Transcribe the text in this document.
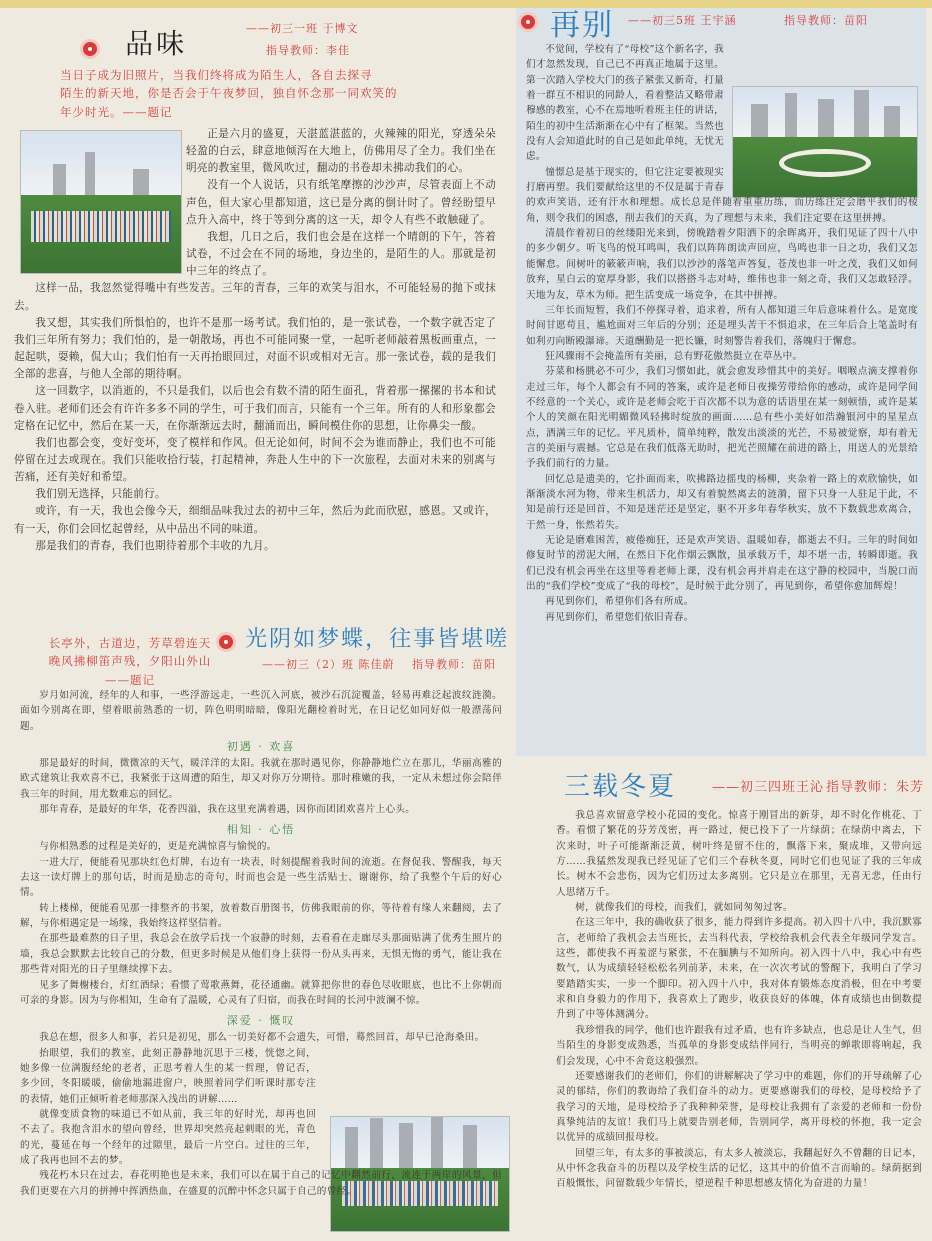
品味	——初三一班 于博文
指导教师：李佳
当日子成为旧照片，当我们终将成为陌生人，各自去探寻
陌生的新天地，你是否会于午夜梦回，独自怀念那一同欢笑的
年少时光。——题记

正是六月的盛夏，天湛蓝湛蓝的，火辣辣的阳光，穿透朵朵轻盈的白云，肆意地倾泻在大地上，仿佛用尽了全力。我们坐在明亮的教室里，微风吹过，翻动的书卷却未拂动我们的心。

没有一个人说话，只有纸笔摩擦的沙沙声，尽管表面上不动声色，但大家心里都知道，这已是分离的倒计时了。曾经盼望早点升入高中，终于等到分离的这一天，却令人有些不敢触碰了。

我想，几日之后，我们也会是在这样一个晴朗的下午，答着试卷，不过会在不同的场地，身边坐的，是陌生的人。那就是初中三年的终点了。

这样一品，我忽然觉得嘴中有些发苦。三年的青春，三年的欢笑与泪水，不可能轻易的抛下或抹去。

我又想，其实我们所惧怕的，也许不是那一场考试。我们怕的，是一张试卷，一个数字就否定了我们三年所有努力；我们怕的，是一朝散场，再也不可能同聚一堂，一起听老师敲着黑板画重点，一起起哄，耍赖，侃大山；我们怕有一天再抬眼回过，对面不识或相对无言。那一张试卷，载的是我们全部的悲喜，与他人全部的期待啊。

这一回数字，以消逝的，不只是我们，以后也会有数不清的陌生面孔，背着那一摞摞的书本和试卷入驻。老师们还会有许许多多不同的学生，可于我们而言，只能有一个三年。所有的人和形象都会定格在记忆中，然后在某一天，在你渐渐远去时，翻涌而出，瞬间模住你的思想，让你鼻尖一酸。

我们也都会变，变好变坏，变了模样和作风。但无论如何，时间不会为谁而静止，我们也不可能停留在过去或现在。我们只能收拾行装，打起精神，奔赴人生中的下一次旅程，去面对未来的别离与苦痛，还有美好和希望。

我们别无选择，只能前行。

或许，有一天，我也会像今天，细细品味我过去的初中三年，然后为此而欣慰，感恩。又或许，有一天，你们会回忆起曾经，从中品出不同的味道。

那是我们的青春，我们也期待着那个丰收的九月。

长亭外，古道边，芳草碧连天
晚风拂柳笛声残，夕阳山外山
——题记
光阴如梦蝶，往事皆堪嗟
——初三（2）班 陈佳蔚 指导教师：苗阳

岁月如河流，经年的人和事，一些浮游远走，一些沉入河底，被沙石沉淀覆盖，轻易再难泛起波纹涟漪。面如今别离在即，望着眼前熟悉的一切，阵色明明暗暗，像阳光翻检着时光，在日记忆如同好似一般漂荡问题。

初遇 · 欢喜

那是最好的时间，微微凉的天气，暖洋洋的太阳。我就在那时遇见你，你静静地伫立在那儿，华丽高雅的欧式建筑让我欢喜不已，我紧张于这周遭的陌生，却又对你万分期待。那时稚嫩的我，一定从未想过你会陪伴我三年的时间，用尤数难忘的回忆。

那年青春，是最好的年华，花香四溢，我在这里充满着遇，因你而团团欢喜片上心头。

相知 · 心悟

与你相熟悉的过程是美好的，更是充满惊喜与愉悦的。

一进大厅，便能看见那块红色灯牌，右边有一块表，时刻提醒着我时间的流逝。在督促我、警醒我，每天去这一读灯牌上的那句话，时而是励志的奇句，时而也会是一些生活贴士、谢谢你，给了我整个午后的好心情。

转上楼梯，便能看见那一排整齐的书架，放着数百册图书，仿佛我眼前的你，等待着有缘人来翻阅，去了解，与你相遇定是一场缘，我始终这样坚信着。

在那些最难熬的日子里，我总会在放学后找一个寂静的时刻，去看看在走廊尽头那面贴满了优秀生照片的墙，我总会默默去比较自己的分数，但更多时候是从他们身上获得一份从头再来，无惧无悔的勇气，能让我在那些背对阳光的日子里继续撑下去。

见多了舞榭楼台，灯红酒绿；看惯了莺歌燕舞，花径通幽。就算把你世的春色尽收眼底，也比不上你朝而可亲的身影。因为与你相知，生命有了温暖，心灵有了归宿，而我在时间的长河中波澜不惊。

深爱 · 慨叹

我总在想，很多人和事，若只是初见，那么一切美好都不会遗失，可惜，蓦然回首，却早已沧海桑田。

抬眼望，我们的教室，此刻正静静地沉思于三楼，恍惚之间，她多像一位满腹经纶的老者，正思考着人生的某一哲理，曾记否，多少回，冬阳暖暖，偷偷地漏进窗户，映照着同学们听课时那专注的表情，她们正倾听着老师那深入浅出的讲解……

就像变质食物的味道已不如从前，我三年的好时光，却再也回不去了。我抱含泪水的望向曾经，世界却突然亮起刺眼的光，青色的光，蔓延在每一个经年的过隙里，最后一片空白。过往的三年，成了我再也回不去的梦。

残花朽木只在过去，春花明艳也是未来，我们可以在属于自己的记忆中翻然前行，流连于两岸的风景，但我们更要在六月的拼搏中挥洒热血，在盛夏的沉醉中怀念只属于自己的曾经。

再别 ——初三5班 王宇涵	指导教师：苗阳

不觉间，学校有了“母校”这个新名字，我们才忽然发现，自己已不再真正地属于这里。第一次踏入学校大门的孩子紧张又新奇，打量着一群互不相识的同龄人，看着整洁又略带肃穆感的教室，心不在焉地听着班主任的讲话，陌生的初中生活渐渐在心中有了框架。当然也没有人会知道此时的自己是如此单纯，无忧无虑。

憧憬总是基于现实的，但它注定要被现实打磨再塑。我们要献给这里的不仅是属于青春的欢声笑语，还有汗水和理想。成长总是伴随着重重历练，而历练注定会磨平我们的棱角，则令我们的困惑，削去我们的天真，为了理想与未来，我们注定要在这里拼搏。

清晨作着初日的丝缕阳光来到，傍晚踏着夕阳洒下的余晖离开，我们见证了四十八中的多少朝夕。听飞鸟的悦耳鸣叫，我们以阵阵朗读声回应，鸟鸣也非一日之功，我们又怎能懈怠。间树叶的簌簌声响，我们以沙沙的落笔声答复，苍茂也非一叶之茂，我们又如何放弃，星白云的宽厚身影，我们以搭搭斗志对峙，维伟也非一刻之奇，我们又怎敢轻浮。天地为友，草木为师。把生活变成一场竞争，在其中拼搏。

三年长而短暂，我们不停探寻着，追求着，所有人都知道三年后意味着什么。是宽度时间甘愿苟且，尴尬面对三年后的分别；还是埋头苦干不惧追求，在三年后合上笔盖时有如利刃向断殿瀑谛。天道酬勤是一把长镰，时刻警告着我们，落魄归于懈怠。

狂风骤雨不会掩盖所有美丽，总有野花傲然挺立在草丛中。

芬菜和杨朓必不可少，我们习惯如此，就会愈发珍惜其中的美好。咽喉点滴支撑着你走过三年，每个人都会有不同的答案，或许是老师日夜操劳带给你的感动，或许是同学间不经意的一个关心，或许是老师会吃于百次都不以为意的话语里在某一刻顿悟，或许是某个人的笑颜在阳光明媚微风轻拂时绽放的画面……总有些小美好如浩瀚银河中的星星点点，洒满三年的记忆。平凡质朴，简单纯粹，散发出淡淡的光芒，不易被觉察，却有着无言的美丽与震撼。它总是在我们低落无助时，把光芒照耀在前进的路上，用送人的光景给予我们前行的力量。

回忆总是遗美的，它扑面而来，吹拂路边摇曳的杨柳，夹杂着一路上的欢欣愉快，如渐渐淡水河为物，带来生机活力，却又有着貌然离去的涟漪，留下只身一人驻足于此，不知是前行还是回首，不知是迷茫还是坚定，驱不开多年春华秋实，放不下数载悲欢离合，于然一身，怅然若失。

无论是磨难困苦，疲倦痴狂，还是欢声笑语、温暖如春，都逝去不归。三年的时间如修复时节的涝泥大闸，在然日下化作烟云飘散，虽承载万千，却不堪一击，转瞬即逝。我们已没有机会再坐在这里等着老师上课，没有机会再并肩走在这宁静的校园中，当脱口而出的“我们学校”变成了“我的母校”，是时候于此分别了，再见到你，希望你愈加辉煌！

再见到你们，希望你们各有所成。

再见到你们，希望您们依旧青春。

三载冬夏	——初三四班王沁 指导教师：朱芳

我总喜欢留意学校小花园的变化。惊喜于刚冒出的新芽，却不时化作桃花、丁香。看惯了繁花的芬芳茂密，再一路过，便已投下了一片绿荫；在绿荫中离去，下次来时，叶子可能渐渐泛黄，树叶终是留不住的，飘落下来，聚成堆，又带向远方……我猛然发现我已经见证了它们三个春秋冬夏，同时它们也见证了我的三年成长。树木不会悲伤，因为它们历过太多离别。它只是立在那里，无喜无悲，任由行人思绪万千。

树，就像我们的母校，而我们，就如同匆匆过客。

在这三年中，我的确收获了很多，能力得到许多提高。初入四十八中，我沉默寡言，老师给了我机会去当班长，去当科代表，学校给我机会代表全年级同学发言。这些，都使我不再羞涩与紧张，不在腼腆与不知所向。初入四十八中，我心中有些数气，认为成绩轻轻松松名列前茅，未来，在一次次考试的警醒下，我明白了学习要踏踏实实，一步一个脚印。初入四十八中，我对体育锻炼态度消极，但在中考要求和自身毅力的作用下，我喜欢上了跑步，收获良好的体魄，体育成绩也由倒数提升到了中等体测满分。

我珍惜我的同学，他们也许跟我有过矛盾，也有许多缺点，也总是让人生气，但当陌生的身影变成熟悉，当孤单的身影变成结伴同行，当明亮的蝉歌即将响起，我们会发现，心中不舍竟这般强烈。

还要感谢我们的老师们，你们的讲解解决了学习中的难题，你们的开导疏解了心灵的郁结，你们的教诲给了我们奋斗的动力。更要感谢我们的母校，是母校给予了我学习的天地，是母校给予了我种种荣誉，是母校让我拥有了亲爱的老师和一份份真挚纯洁的友谊！我们马上就要告别老师，告别同学，离开母校的怀抱，我一定会以优异的成绩回报母校。

回望三年，有太多的事被淡忘，有太多人被淡忘，我翻起好久不曾翻的日记本，从中怀念我奋斗的历程以及学校生活的记忆，这其中的价值不言而喻的。绿荫据到百般慨怅，问留数载少年情长，望逆程千种思想感友情化为奋进的力量！
